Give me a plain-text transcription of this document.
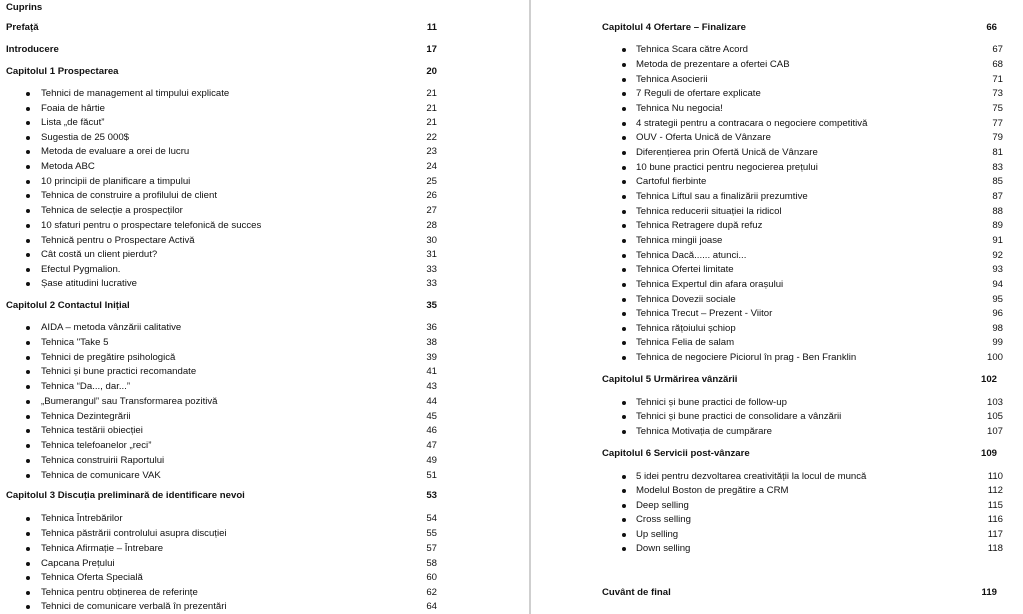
Cuprins
Prefață	11
Introducere	17
Capitolul 1 Prospectarea	20
Tehnici de management al timpului explicate	21
Foaia de hârtie	21
Lista „de făcut”	21
Sugestia de 25 000$	22
Metoda de evaluare a orei de lucru	23
Metoda ABC	24
10 principii de planificare a timpului	25
Tehnica de construire a profilului de client	26
Tehnica de selecție a prospecților	27
10 sfaturi pentru o prospectare telefonică de succes	28
Tehnică pentru o Prospectare Activă	30
Cât costă un client pierdut?	31
Efectul Pygmalion.	33
Șase atitudini lucrative	33
Capitolul 2 Contactul Inițial	35
AIDA – metoda vânzării calitative	36
Tehnica "Take 5	38
Tehnici de pregătire psihologică	39
Tehnici și bune practici recomandate	41
Tehnica “Da..., dar...”	43
„Bumerangul” sau Transformarea pozitivă	44
Tehnica Dezintegrării	45
Tehnica testării obiecției	46
Tehnica telefoanelor „reci”	47
Tehnica construirii Raportului	49
Tehnica de comunicare VAK	51
Capitolul 3 Discuția preliminară de identificare nevoi	53
Tehnica Întrebărilor	54
Tehnica păstrării controlului asupra discuției	55
Tehnica Afirmație – Întrebare	57
Capcana Prețului	58
Tehnica Oferta Specială	60
Tehnica pentru obținerea de referințe	62
Tehnici de comunicare verbală în prezentări	64
Capitolul 4 Ofertare – Finalizare	66
Tehnica Scara către Acord	67
Metoda de prezentare a ofertei CAB	68
Tehnica Asocierii	71
7 Reguli de ofertare explicate	73
Tehnica Nu negocia!	75
4 strategii pentru a contracara o negociere competitivă	77
OUV - Oferta Unică de Vânzare	79
Diferențierea prin Ofertă Unică de Vânzare	81
10 bune practici pentru negocierea prețului	83
Cartoful fierbinte	85
Tehnica Liftul sau a finalizării prezumtive	87
Tehnica reducerii situației la ridicol	88
Tehnica Retragere după refuz	89
Tehnica mingii joase	91
Tehnica Dacă...... atunci...	92
Tehnica Ofertei limitate	93
Tehnica Expertul din afara orașului	94
Tehnica Dovezii sociale	95
Tehnica Trecut – Prezent - Viitor	96
Tehnica rățoiului șchiop	98
Tehnica Felia de salam	99
Tehnica de negociere Piciorul în prag - Ben Franklin	100
Capitolul 5 Urmărirea vânzării	102
Tehnici și bune practici de follow-up	103
Tehnici și bune practici de consolidare a vânzării	105
Tehnica Motivația de cumpărare	107
Capitolul 6 Servicii post-vânzare	109
5 idei pentru dezvoltarea creativității la locul de muncă	110
Modelul Boston de pregătire a CRM	112
Deep selling	115
Cross selling	116
Up selling	117
Down selling	118
Cuvânt de final	119
